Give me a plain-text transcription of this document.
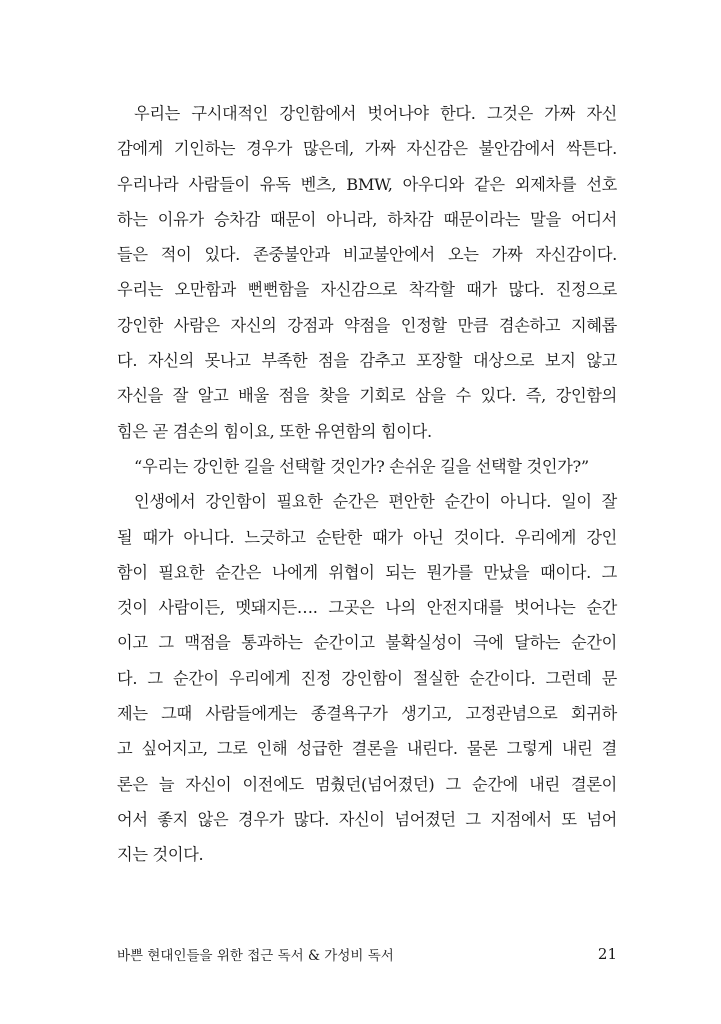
우리는 구시대적인 강인함에서 벗어나야 한다. 그것은 가짜 자신
감에게 기인하는 경우가 많은데, 가짜 자신감은 불안감에서 싹튼다.
우리나라 사람들이 유독 벤츠, BMW, 아우디와 같은 외제차를 선호
하는 이유가 승차감 때문이 아니라, 하차감 때문이라는 말을 어디서
들은 적이 있다. 존중불안과 비교불안에서 오는 가짜 자신감이다.
우리는 오만함과 뻔뻔함을 자신감으로 착각할 때가 많다. 진정으로
강인한 사람은 자신의 강점과 약점을 인정할 만큼 겸손하고 지혜롭
다. 자신의 못나고 부족한 점을 감추고 포장할 대상으로 보지 않고
자신을 잘 알고 배울 점을 찾을 기회로 삼을 수 있다. 즉, 강인함의
힘은 곧 겸손의 힘이요, 또한 유연함의 힘이다.
“우리는 강인한 길을 선택할 것인가? 손쉬운 길을 선택할 것인가?”
인생에서 강인함이 필요한 순간은 편안한 순간이 아니다. 일이 잘
될 때가 아니다. 느긋하고 순탄한 때가 아닌 것이다. 우리에게 강인
함이 필요한 순간은 나에게 위협이 되는 뭔가를 만났을 때이다. 그
것이 사람이든, 멧돼지든…. 그곳은 나의 안전지대를 벗어나는 순간
이고 그 맥점을 통과하는 순간이고 불확실성이 극에 달하는 순간이
다. 그 순간이 우리에게 진정 강인함이 절실한 순간이다. 그런데 문
제는 그때 사람들에게는 종결욕구가 생기고, 고정관념으로 회귀하
고 싶어지고, 그로 인해 성급한 결론을 내린다. 물론 그렇게 내린 결
론은 늘 자신이 이전에도 멈췄던(넘어졌던) 그 순간에 내린 결론이
어서 좋지 않은 경우가 많다. 자신이 넘어졌던 그 지점에서 또 넘어
지는 것이다.
바쁜 현대인들을 위한 접근 독서 & 가성비 독서	21
